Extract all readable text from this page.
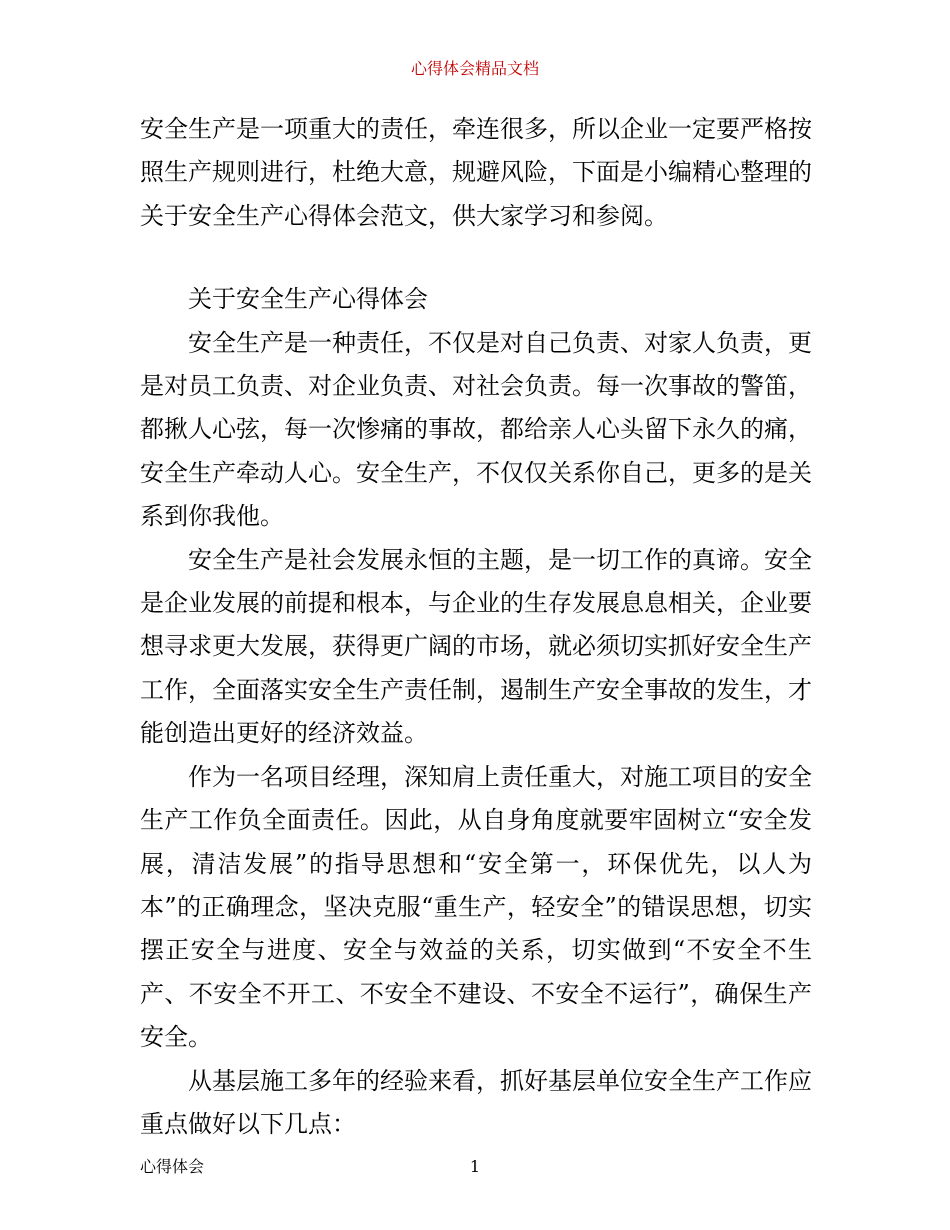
心得体会精品文档

安全生产是一项重大的责任，牵连很多，所以企业一定要严格按照生产规则进行，杜绝大意，规避风险，下面是小编精心整理的关于安全生产心得体会范文，供大家学习和参阅。

关于安全生产心得体会

安全生产是一种责任，不仅是对自己负责、对家人负责，更是对员工负责、对企业负责、对社会负责。每一次事故的警笛，都揪人心弦，每一次惨痛的事故，都给亲人心头留下永久的痛，安全生产牵动人心。安全生产，不仅仅关系你自己，更多的是关系到你我他。

安全生产是社会发展永恒的主题，是一切工作的真谛。安全是企业发展的前提和根本，与企业的生存发展息息相关，企业要想寻求更大发展，获得更广阔的市场，就必须切实抓好安全生产工作，全面落实安全生产责任制，遏制生产安全事故的发生，才能创造出更好的经济效益。

作为一名项目经理，深知肩上责任重大，对施工项目的安全生产工作负全面责任。因此，从自身角度就要牢固树立“安全发展，清洁发展”的指导思想和“安全第一，环保优先，以人为本”的正确理念，坚决克服“重生产，轻安全”的错误思想，切实摆正安全与进度、安全与效益的关系，切实做到“不安全不生产、不安全不开工、不安全不建设、不安全不运行”，确保生产安全。

从基层施工多年的经验来看，抓好基层单位安全生产工作应重点做好以下几点：

心得体会	1
